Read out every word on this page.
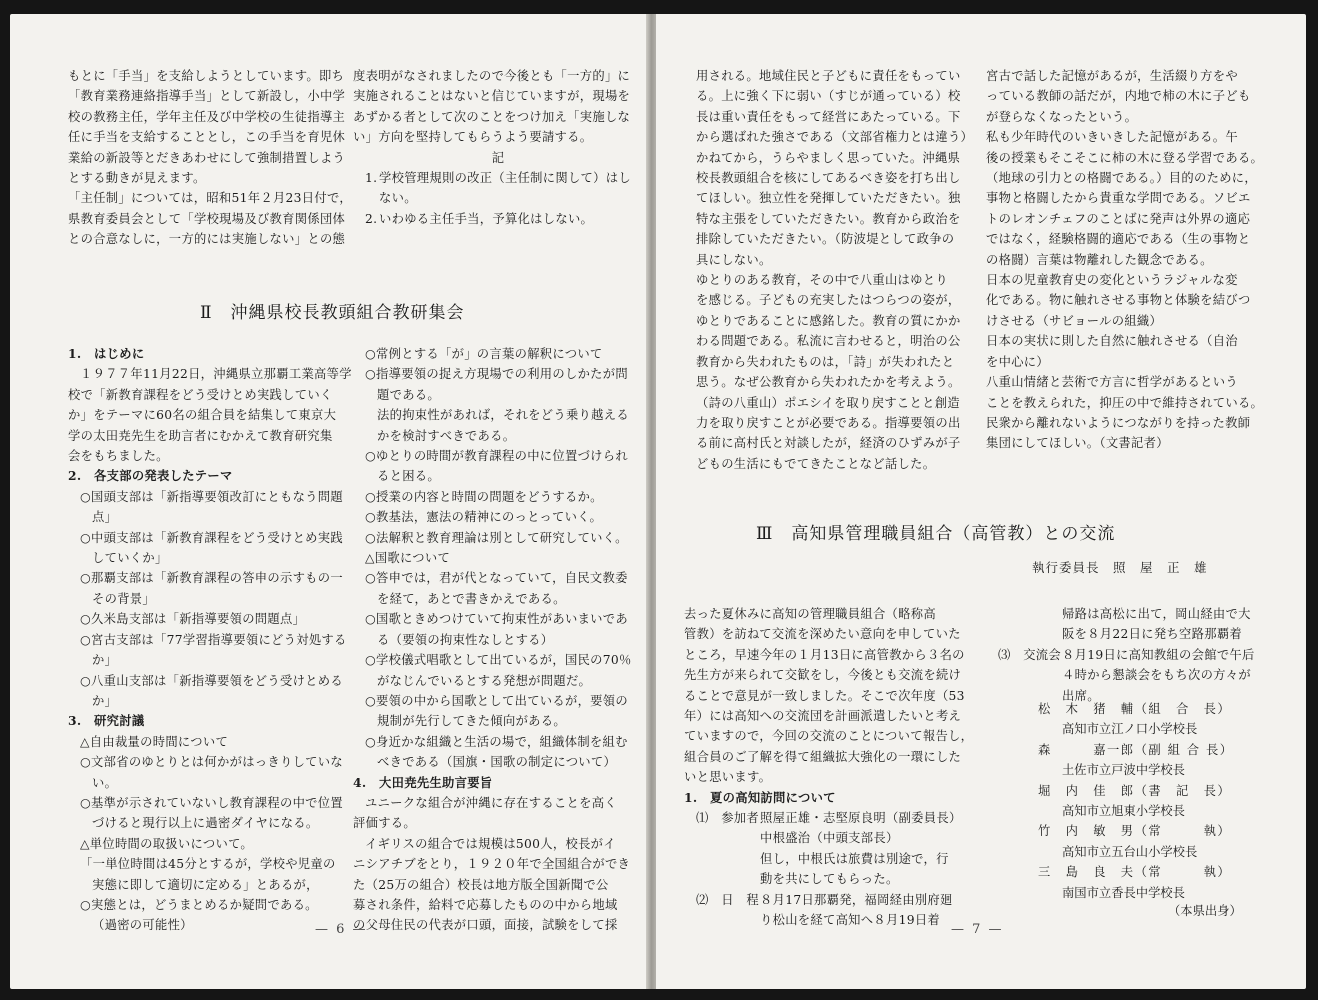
もとに「手当」を支給しようとしています。即ち
「教育業務連絡指導手当」として新設し，小中学
校の教務主任，学年主任及び中学校の生徒指導主
任に手当を支給することとし，この手当を育児休
業給の新設等とだきあわせにして強制措置しよう
とする動きが見えます。
「主任制」については，昭和51年２月23日付で，
県教育委員会として「学校現場及び教育関係団体
との合意なしに，一方的には実施しない」との態
度表明がなされましたので今後とも「一方的」に
実施されることはないと信じていますが，現場を
あずかる者として次のことをつけ加え「実施しな
い」方向を堅持してもらうよう要請する。
記
1. 学校管理規則の改正（主任制に関して）はし
ない。
2. いわゆる主任手当，予算化はしない。
Ⅱ　沖縄県校長教頭組合教研集会
1.　はじめに
１９７７年11月22日，沖縄県立那覇工業高等学
校で「新教育課程をどう受けとめ実践していく
か」をテーマに60名の組合員を結集して東京大
学の太田尭先生を助言者にむかえて教育研究集
会をもちました。
2.　各支部の発表したテーマ
○国頭支部は「新指導要領改訂にともなう問題
点」
○中頭支部は「新教育課程をどう受けとめ実践
していくか」
○那覇支部は「新教育課程の答申の示すもの一
その背景」
○久米島支部は「新指導要領の問題点」
○宮古支部は「77学習指導要領にどう対処する
か」
○八重山支部は「新指導要領をどう受けとめる
か」
3.　研究討議
△自由裁量の時間について
○文部省のゆとりとは何かがはっきりしていな
い。
○基準が示されていないし教育課程の中で位置
づけると現行以上に過密ダイヤになる。
△単位時間の取扱いについて。
「一単位時間は45分とするが，学校や児童の
実態に即して適切に定める」とあるが，
○実態とは，どうまとめるか疑問である。
（過密の可能性）
○常例とする「が」の言葉の解釈について
○指導要領の捉え方現場での利用のしかたが問
題である。
法的拘束性があれば，それをどう乗り越える
かを検討すべきである。
○ゆとりの時間が教育課程の中に位置づけられ
ると困る。
○授業の内容と時間の問題をどうするか。
○教基法，憲法の精神にのっとっていく。
○法解釈と教育理論は別として研究していく。
△国歌について
○答申では，君が代となっていて，自民文教委
を経て，あとで書きかえである。
○国歌ときめつけていて拘束性があいまいであ
る（要領の拘束性なしとする）
○学校儀式唱歌として出ているが，国民の70％
がなじんでいるとする発想が問題だ。
○要領の中から国歌として出ているが，要領の
規制が先行してきた傾向がある。
○身近かな組織と生活の場で，組織体制を組む
べきである（国旗・国歌の制定について）
4.　大田尭先生助言要旨
ユニークな組合が沖縄に存在することを高く
評価する。
イギリスの組合では規模は500人，校長がイ
ニシアチブをとり，１９２０年で全国組合ができ
た（25万の組合）校長は地方版全国新聞で公
募され条件，給料で応募したものの中から地域
の父母住民の代表が口頭，面接，試験をして採
— 6 —
用される。地域住民と子どもに責任をもってい
る。上に強く下に弱い（すじが通っている）校
長は重い責任をもって経営にあたっている。下
から選ばれた強さである（文部省権力とは違う）
かねてから，うらやましく思っていた。沖縄県
校長教頭組合を核にしてあるべき姿を打ち出し
てほしい。独立性を発揮していただきたい。独
特な主張をしていただきたい。教育から政治を
排除していただきたい。（防波堤として政争の
具にしない。
ゆとりのある教育，その中で八重山はゆとり
を感じる。子どもの充実したはつらつの姿が，
ゆとりであることに感銘した。教育の質にかか
わる問題である。私流に言わせると，明治の公
教育から失われたものは，「詩」が失われたと
思う。なぜ公教育から失われたかを考えよう。
（詩の八重山）ポエシイを取り戻すことと創造
力を取り戻すことが必要である。指導要領の出
る前に高村氏と対談したが，経済のひずみが子
どもの生活にもでてきたことなど話した。
宮古で話した記憶があるが，生活綴り方をや
っている教師の話だが，内地で柿の木に子ども
が登らなくなったという。
私も少年時代のいきいきした記憶がある。午
後の授業もそこそこに柿の木に登る学習である。
（地球の引力との格闘である。）目的のために，
事物と格闘したから貴重な学問である。ソビエ
トのレオンチェフのことばに発声は外界の適応
ではなく，経験格闘的適応である（生の事物と
の格闘）言葉は物離れした観念である。
日本の児童教育史の変化というラジャルな変
化である。物に触れさせる事物と体験を結びつ
けさせる（サビョールの組織）
日本の実状に則した自然に触れさせる（自治
を中心に）
八重山情緒と芸術で方言に哲学があるという
ことを教えられた，抑圧の中で維持されている。
民衆から離れないようにつながりを持った教師
集団にしてほしい。（文書記者）
Ⅲ　高知県管理職員組合（高管教）との交流
執行委員長　照　屋　正　雄
去った夏休みに高知の管理職員組合（略称高
管教）を訪ねて交流を深めたい意向を申していた
ところ，早速今年の１月13日に高管教から３名の
先生方が来られて交歓をし，今後とも交流を続け
ることで意見が一致しました。そこで次年度（53
年）には高知への交流団を計画派遣したいと考え
ていますので，今回の交流のことについて報告し，
組合員のご了解を得て組織拡大強化の一環にした
いと思います。
1.　夏の高知訪問について
⑴　参加者 照屋正雄・志堅原良明（副委員長）
中根盛治（中頭支部長）
但し，中根氏は旅費は別途で，行
動を共にしてもらった。
⑵　日　程 ８月17日那覇発，福岡経由別府廻
り松山を経て高知へ８月19日着
帰路は高松に出て，岡山経由で大
阪を８月22日に発ち空路那覇着
⑶　交流会 ８月19日に高知教組の会館で午后
４時から懇談会をもち次の方々が
出席。
松　木　猪　輔（組　合　長）
高知市立江ノ口小学校長
森　　　嘉一郎（副 組 合 長）
土佐市立戸波中学校長
堀　内　佳　郎（書　記　長）
高知市立旭東小学校長
竹　内　敏　男（常　　　執）
高知市立五台山小学校長
三　島　良　夫（常　　　執）
南国市立香長中学校長
（本県出身）
— 7 —
